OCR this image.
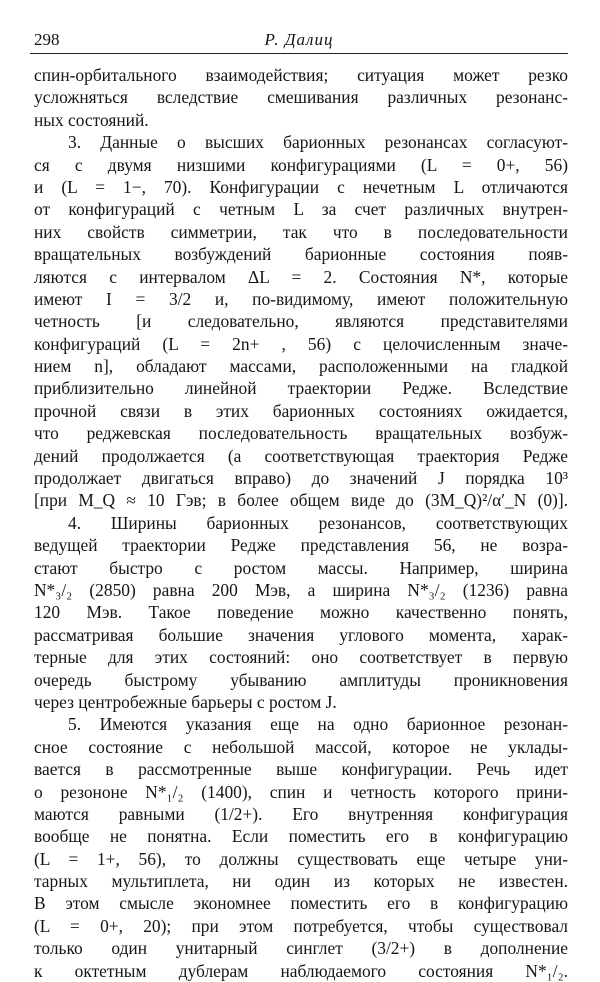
298	Р. Далиц
спин-орбитального взаимодействия; ситуация может резко
усложняться вследствие смешивания различных резонанс-
ных состояний.
3. Данные о высших барионных резонансах согласуют-
ся с двумя низшими конфигурациями (L = 0+, 56)
и (L = 1−, 70). Конфигурации с нечетным L отличаются
от конфигураций с четным L за счет различных внутрен-
них свойств симметрии, так что в последовательности
вращательных возбуждений барионные состояния появ-
ляются с интервалом ΔL = 2. Состояния N*, которые
имеют I = 3/2 и, по-видимому, имеют положительную
четность [и следовательно, являются представителями
конфигураций (L = 2n+ , 56) с целочисленным значе-
нием n], обладают массами, расположенными на гладкой
приблизительно линейной траектории Редже. Вследствие
прочной связи в этих барионных состояниях ожидается,
что реджевская последовательность вращательных возбуж-
дений продолжается (а соответствующая траектория Редже
продолжает двигаться вправо) до значений J порядка 10³
[при M_Q ≈ 10 Гэв; в более общем виде до (3M_Q)²/α′_N (0)].
4. Ширины барионных резонансов, соответствующих
ведущей траектории Редже представления 56, не возра-
стают быстро с ростом массы. Например, ширина
N*₃/₂ (2850) равна 200 Мэв, а ширина N*₃/₂ (1236) равна
120 Мэв. Такое поведение можно качественно понять,
рассматривая большие значения углового момента, харак-
терные для этих состояний: оно соответствует в первую
очередь быстрому убыванию амплитуды проникновения
через центробежные барьеры с ростом J.
5. Имеются указания еще на одно барионное резонан-
сное состояние с небольшой массой, которое не уклады-
вается в рассмотренные выше конфигурации. Речь идет
о резононе N*₁/₂ (1400), спин и четность которого прини-
маются равными (1/2+). Его внутренняя конфигурация
вообще не понятна. Если поместить его в конфигурацию
(L = 1+, 56), то должны существовать еще четыре уни-
тарных мультиплета, ни один из которых не известен.
В этом смысле экономнее поместить его в конфигурацию
(L = 0+, 20); при этом потребуется, чтобы существовал
только один унитарный синглет (3/2+) в дополнение
к октетным дублерам наблюдаемого состояния N*₁/₂.
